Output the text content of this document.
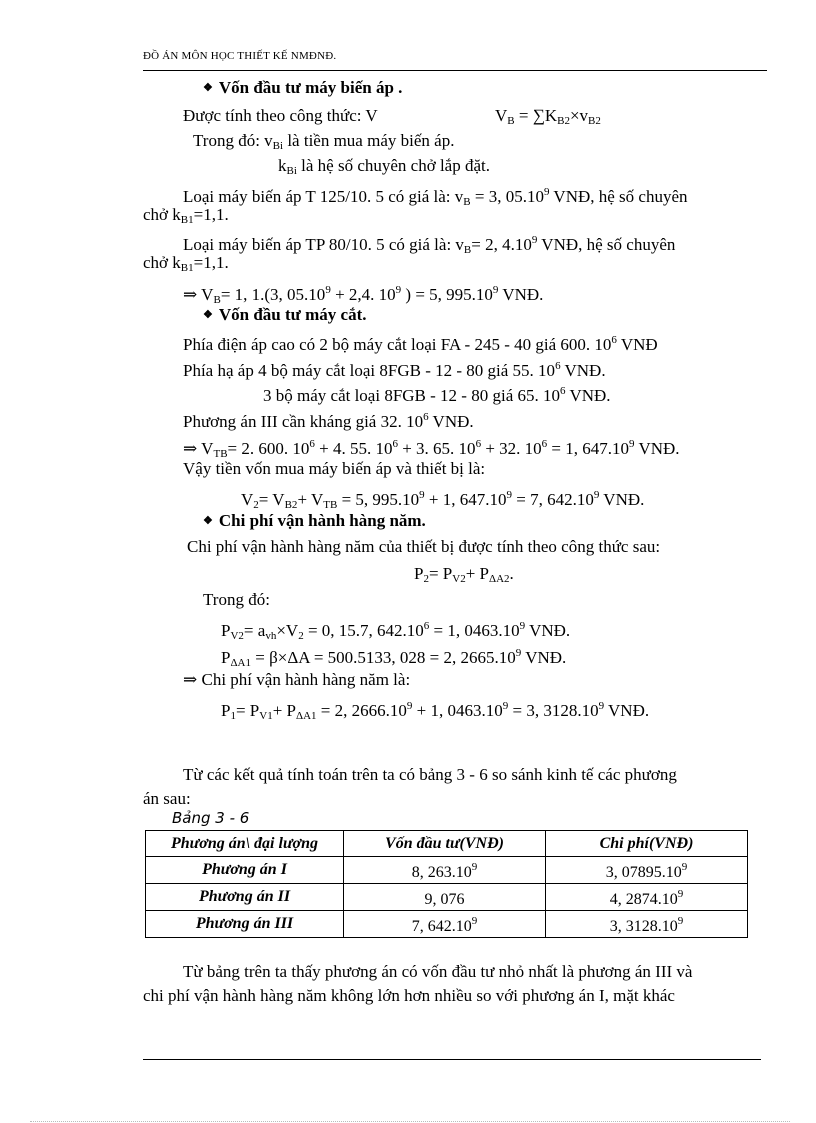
ĐỒ ÁN MÔN HỌC THIẾT KẾ NMĐNĐ.
❖ Vốn đầu tư máy biến áp .
Được tính theo công thức: V	$V_B = \sum K_{B2}\times v_{B2}$
Trong đó: $v_{Bi}$ là tiền mua máy biến áp.
$k_{Bi}$ là hệ số chuyên chở lắp đặt.
Loại máy biến áp T 125/10. 5 có giá là: $v_B = 3$, 05.10$^9$ VNĐ, hệ số chuyên
chở $k_{B1}=1,1$.
Loại máy biến áp TP 80/10. 5 có giá là: $v_B= 2$, 4.10$^9$ VNĐ, hệ số chuyên
chở $k_{B1}=1,1$.
⇒ $V_B= 1$, 1.(3, $05.10^9 + 2,4$. $10^9$ ) = 5, 995.10$^9$ VNĐ.
❖ Vốn đầu tư máy cắt.
Phía điện áp cao có 2 bộ máy cắt loại FA - 245 - 40 giá 600. $10^6$ VNĐ
Phía hạ áp 4 bộ máy cắt loại 8FGB - 12 - 80 giá 55. $10^6$ VNĐ.
3 bộ máy cắt loại 8FGB - 12 - 80 giá 65. $10^6$ VNĐ.
Phương án III cần kháng giá 32. $10^6$ VNĐ.
⇒ $V_{TB}= 2$. 600. $10^6 + 4$. 55. $10^6 + 3$. 65. $10^6 + 32$. $10^6 = 1$, 647.10$^9$ VNĐ.
Vậy tiền vốn mua máy biến áp và thiết bị là:
$V_2= V_{B2}+ V_{TB} = 5$, $995.10^9 + 1$, $647.10^9 = 7$, 642.10$^9$ VNĐ.
❖ Chi phí vận hành hàng năm.
Chi phí vận hành hàng năm của thiết bị được tính theo công thức sau:
$P_2= P_{V2}+ P_{\Delta A2}$.
Trong đó:
$P_{V2}= a_{vh}\times V_2 = 0$, 15.7, $642.10^6 = 1$, 0463.10$^9$ VNĐ.
$P_{\Delta A1} = \beta\times\Delta A = 500.5133$, 028 = 2, 2665.10$^9$ VNĐ.
⇒ Chi phí vận hành hàng năm là:
$P_1= P_{V1}+ P_{\Delta A1} = 2$, $2666.10^9 + 1$, $0463.10^9 = 3$, 3128.10$^9$ VNĐ.
Từ các kết quả tính toán trên ta có bảng 3 - 6 so sánh kinh tế các phương
án sau:
Bảng 3 - 6
Phương án\ đại lượng	Vốn đầu tư(VNĐ)	Chi phí(VNĐ)
Phương án I	8, 263.10$^9$	3, 07895.10$^9$
Phương án II	9, 076	4, 2874.10$^9$
Phương án III	7, 642.10$^9$	3, 3128.10$^9$
Từ bảng trên ta thấy phương án có vốn đầu tư nhỏ nhất là phương án III và
chi phí vận hành hàng năm không lớn hơn nhiều so với phương án I, mặt khác
